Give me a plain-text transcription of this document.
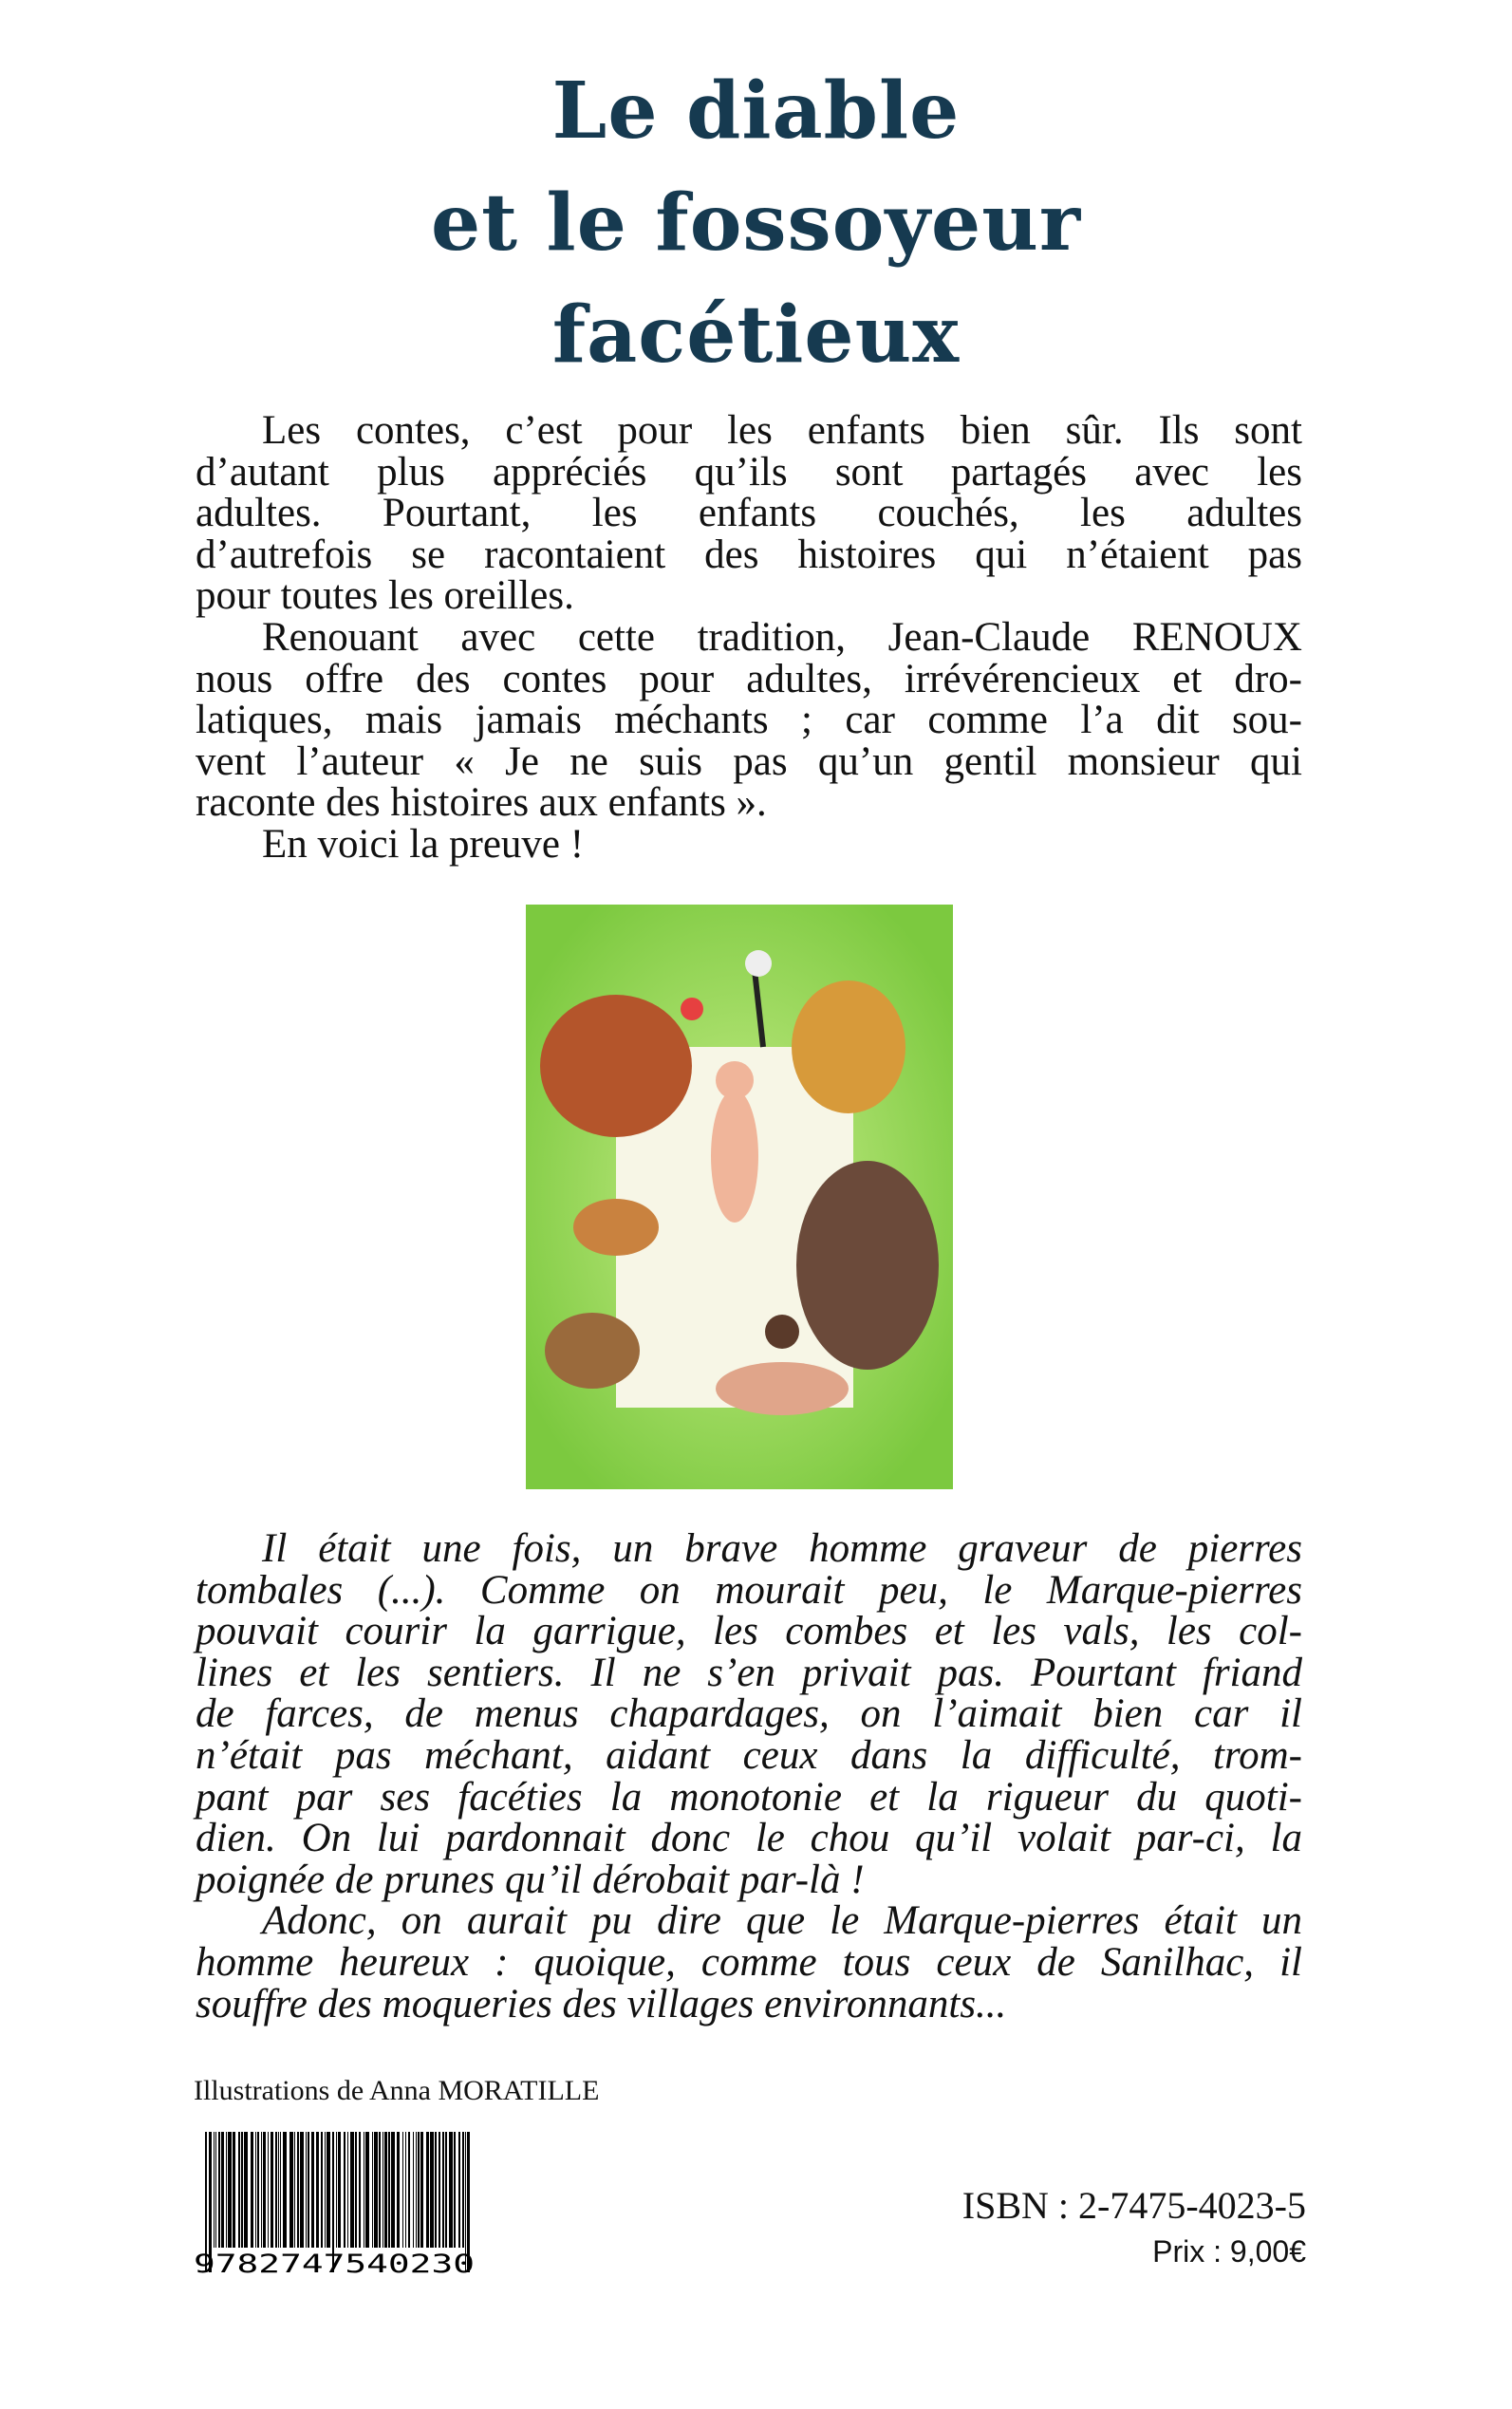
Le diable
et le fossoyeur
facétieux
Les contes, c’est pour les enfants bien sûr. Ils sont
d’autant plus appréciés qu’ils sont partagés avec les
adultes. Pourtant, les enfants couchés, les adultes
d’autrefois se racontaient des histoires qui n’étaient pas
pour toutes les oreilles.
Renouant avec cette tradition, Jean-Claude RENOUX
nous offre des contes pour adultes, irrévérencieux et dro-
latiques, mais jamais méchants ; car comme l’a dit sou-
vent l’auteur « Je ne suis pas qu’un gentil monsieur qui
raconte des histoires aux enfants ».
En voici la preuve !
Il était une fois, un brave homme graveur de pierres
tombales (...). Comme on mourait peu, le Marque-pierres
pouvait courir la garrigue, les combes et les vals, les col-
lines et les sentiers. Il ne s’en privait pas. Pourtant friand
de farces, de menus chapardages, on l’aimait bien car il
n’était pas méchant, aidant ceux dans la difficulté, trom-
pant par ses facéties la monotonie et la rigueur du quoti-
dien. On lui pardonnait donc le chou qu’il volait par-ci, la
poignée de prunes qu’il dérobait par-là !
Adonc, on aurait pu dire que le Marque-pierres était un
homme heureux : quoique, comme tous ceux de Sanilhac, il
souffre des moqueries des villages environnants...
Illustrations de Anna MORATILLE
9782747540230
ISBN : 2-7475-4023-5
Prix : 9,00€
